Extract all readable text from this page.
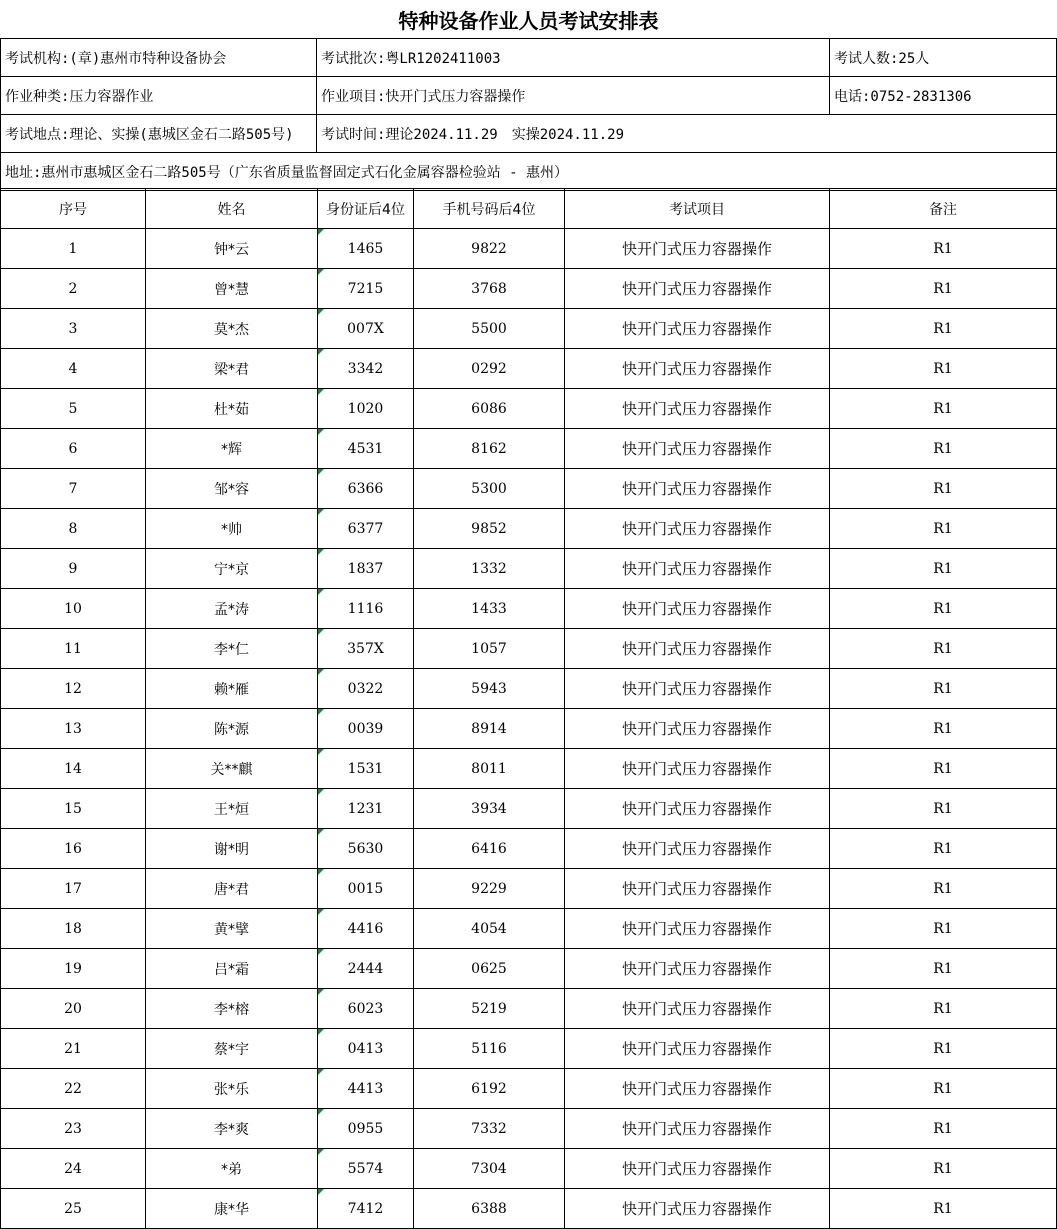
特种设备作业人员考试安排表
考试机构:(章)惠州市特种设备协会	考试批次:粤LR1202411003	考试人数:25人
作业种类:压力容器作业	作业项目:快开门式压力容器操作	电话:0752-2831306
考试地点:理论、实操(惠城区金石二路505号)	考试时间:理论2024.11.29　实操2024.11.29	
地址:惠州市惠城区金石二路505号（广东省质量监督固定式石化金属容器检验站 - 惠州）		
序号	姓名	身份证后4位	手机号码后4位	考试项目	备注
1	钟*云	1465	9822	快开门式压力容器操作	R1
2	曾*慧	7215	3768	快开门式压力容器操作	R1
3	莫*杰	007X	5500	快开门式压力容器操作	R1
4	梁*君	3342	0292	快开门式压力容器操作	R1
5	杜*茹	1020	6086	快开门式压力容器操作	R1
6	*辉	4531	8162	快开门式压力容器操作	R1
7	邹*容	6366	5300	快开门式压力容器操作	R1
8	*帅	6377	9852	快开门式压力容器操作	R1
9	宁*京	1837	1332	快开门式压力容器操作	R1
10	孟*涛	1116	1433	快开门式压力容器操作	R1
11	李*仁	357X	1057	快开门式压力容器操作	R1
12	赖*雁	0322	5943	快开门式压力容器操作	R1
13	陈*源	0039	8914	快开门式压力容器操作	R1
14	关**麒	1531	8011	快开门式压力容器操作	R1
15	王*烜	1231	3934	快开门式压力容器操作	R1
16	谢*明	5630	6416	快开门式压力容器操作	R1
17	唐*君	0015	9229	快开门式压力容器操作	R1
18	黄*擘	4416	4054	快开门式压力容器操作	R1
19	吕*霜	2444	0625	快开门式压力容器操作	R1
20	李*榕	6023	5219	快开门式压力容器操作	R1
21	蔡*宇	0413	5116	快开门式压力容器操作	R1
22	张*乐	4413	6192	快开门式压力容器操作	R1
23	李*爽	0955	7332	快开门式压力容器操作	R1
24	*弟	5574	7304	快开门式压力容器操作	R1
25	康*华	7412	6388	快开门式压力容器操作	R1
